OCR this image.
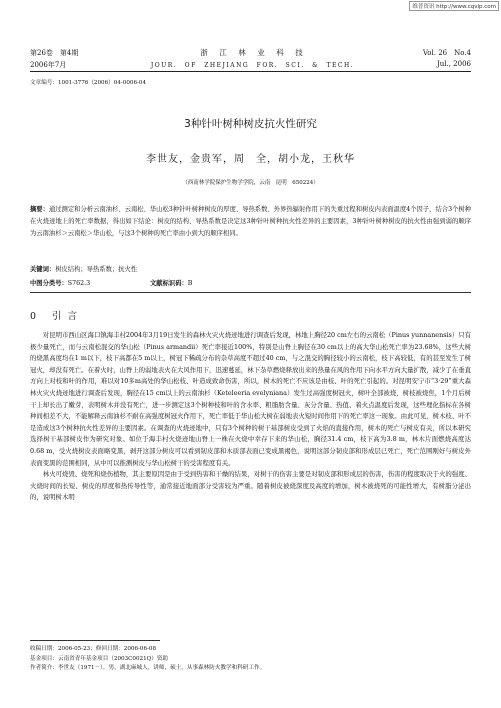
维普资讯 http://www.cqvip.com
第26卷　第4期
2006年7月
浙　江　林　业　科　技
JOUR.　OF　ZHEJIANG　FOR.　SCI.　&　TECH.
Vol. 26　No.4
Jul., 2006
文章编号：1001-3776（2006）04-0006-04
3种针叶树种树皮抗火性研究
李世友，金贵军，周　全，胡小龙，王秋华
（西南林学院保护生物学学院，云南　昆明　650224）

摘要：通过测定和分析云南油杉、云南松、华山松3种针叶树种树皮的厚度、导热系数、外界热辐射作用下的失重过程和树皮内表面温度4个因子，结合3个树种在火烧迹地上的死亡率数据，得出如下结论：树皮的结构、导热系数是决定这3种针叶树种抗火性差异的主要因素，3种针叶树种树皮的抗火性由强到弱的顺序为云南油杉＞云南松＞华山松，与这3个树种的死亡率由小到大的顺序相同。

关键词：树皮结构；导热系数；抗火性
中图分类号：S762.3	文献标识码：B
0 引言

对昆明市西山区海口镇海丰村2004年3月19日发生的森林火灾火烧迹地进行调查后发现，林地上胸径20 cm左右的云南松（Pinus yunnanensis）只有极少量死亡，而与云南松混交的华山松（Pinus armandii）死亡率接近100%，特别是山脊上胸径在30 cm以上的高大华山松死亡率为23.68%，这些大树的烧黑高度均在1 m以下，枝下高都在5 m以上，树冠下稀疏分布的杂草高度不超过40 cm，与之混交的胸径较小的云南松，枝下高较低，有的甚至发生了树冠火，却没有死亡。在着火时，山脊上的弱地表火在大风作用下，迅速蔓延，林下杂草燃烧释放出来的热量在风的作用下向水平方向大量扩散，减少了在垂直方向上对枝和叶的作用，难以对10多m高处的华山松枝、叶造成致命伤害，所以，树木的死亡不应该是由枝、叶的死亡引起的。对昆明安宁市“3·29”重大森林火灾火烧迹地进行调查后发现，胸径在15 cm以上的云南油杉（Keteleeria evelyniana）发生过高强度树冠火，树叶全部被烧，树枝被烧焦，1个月后树干上却长出了嫩芽，表明树木并没有死亡，进一步测定这3个树种枝和叶的含水率、粗脂肪含量、灰分含量、热值、着火点温度后发现，这些理化指标在各树种间相差不大，不能解释云南油杉不耐在高强度树冠火作用下，死亡率低于华山松大树在弱地表火短时间作用下的死亡率这一现象。由此可见，树木枝、叶不是造成这3个树种抗火性差异的主要因素。在调查的火烧迹地中，只有3个树种的树干基部树皮受到了火焰的直接作用，树木的死亡与树皮有关，所以本研究选择树干基部树皮作为研究对象。如位于海丰村火烧迹地山脊上一株在火烧中幸存下来的华山松，胸径31.4 cm，枝下高为3.8 m，林木片面燃烧高度达0.68 m，受火烧树皮表面略变黑，剥开这部分树皮可以看到韧皮部和木质部表面已变成黑褐色，说明这部分韧皮部和形成层已死亡，死亡范围刚好与树皮外表面变黑的范围相同，从中可以推测树皮与华山松树干的受害程度有关。

林火可烧毁、烧死和烧伤植物，其主要原因是由于受到热害和干燥的结果，对树干的伤害主要是对韧皮部和形成层的伤害，伤害的程度取决于火的强度、火烧时间的长短、树皮的厚度和热传导性等，通常接近地面部分受害较为严重。随着树皮被烧深度及高度的增加，树木被烧死的可能性增大，有树脂分泌出的，说明树木明

收稿日期：2006-05-23；修回日期：2006-06-08
基金项目：云南省青年基金项目（2003C0021Q）资助
作者简介：李世友（1971－），男，湖北麻城人，讲师，硕士，从事森林防火教学和科研工作。
